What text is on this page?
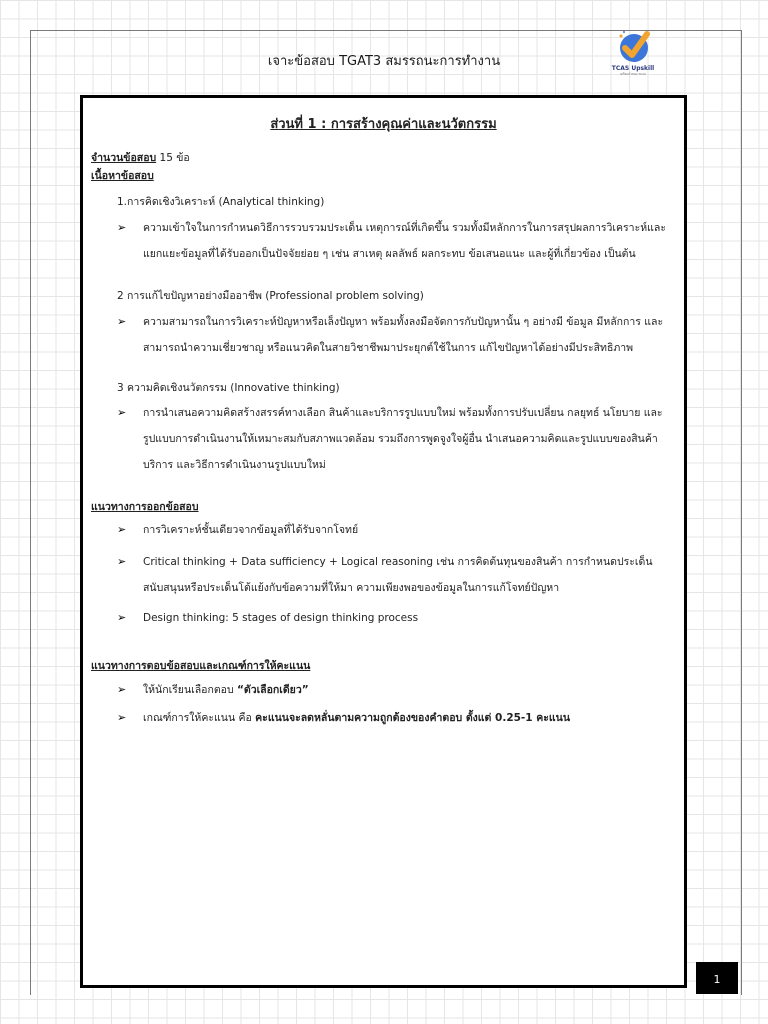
เจาะข้อสอบ TGAT3 สมรรถนะการทำงาน	TCAS Upskill
เตรียมตัวสอบ TCAS
ส่วนที่ 1 : การสร้างคุณค่าและนวัตกรรม
จำนวนข้อสอบ 15 ข้อ
เนื้อหาข้อสอบ
1.การคิดเชิงวิเคราะห์ (Analytical thinking)
➢ ความเข้าใจในการกำหนดวิธีการรวบรวมประเด็น เหตุการณ์ที่เกิดขึ้น รวมทั้งมีหลักการในการสรุปผลการวิเคราะห์และ
แยกแยะข้อมูลที่ได้รับออกเป็นปัจจัยย่อย ๆ เช่น สาเหตุ ผลลัพธ์ ผลกระทบ ข้อเสนอแนะ และผู้ที่เกี่ยวข้อง เป็นต้น
2 การแก้ไขปัญหาอย่างมืออาชีพ (Professional problem solving)
➢ ความสามารถในการวิเคราะห์ปัญหาหรือเล็งปัญหา พร้อมทั้งลงมือจัดการกับปัญหานั้น ๆ อย่างมี ข้อมูล มีหลักการ และ
สามารถนำความเชี่ยวชาญ หรือแนวคิดในสายวิชาชีพมาประยุกต์ใช้ในการ แก้ไขปัญหาได้อย่างมีประสิทธิภาพ
3 ความคิดเชิงนวัตกรรม (Innovative thinking)
➢ การนำเสนอความคิดสร้างสรรค์ทางเลือก สินค้าและบริการรูปแบบใหม่ พร้อมทั้งการปรับเปลี่ยน กลยุทธ์ นโยบาย และ
รูปแบบการดำเนินงานให้เหมาะสมกับสภาพแวดล้อม รวมถึงการพูดจูงใจผู้อื่น นำเสนอความคิดและรูปแบบของสินค้า
บริการ และวิธีการดำเนินงานรูปแบบใหม่
แนวทางการออกข้อสอบ
➢ การวิเคราะห์ชั้นเดียวจากข้อมูลที่ได้รับจากโจทย์
➢ Critical thinking + Data sufficiency + Logical reasoning เช่น การคิดต้นทุนของสินค้า การกำหนดประเด็น
สนับสนุนหรือประเด็นโต้แย้งกับข้อความที่ให้มา ความเพียงพอของข้อมูลในการแก้โจทย์ปัญหา
➢ Design thinking: 5 stages of design thinking process
แนวทางการตอบข้อสอบและเกณฑ์การให้คะแนน
➢ ให้นักเรียนเลือกตอบ “ตัวเลือกเดียว”
➢ เกณฑ์การให้คะแนน คือ คะแนนจะลดหลั่นตามความถูกต้องของคำตอบ ตั้งแต่ 0.25-1 คะแนน
1
